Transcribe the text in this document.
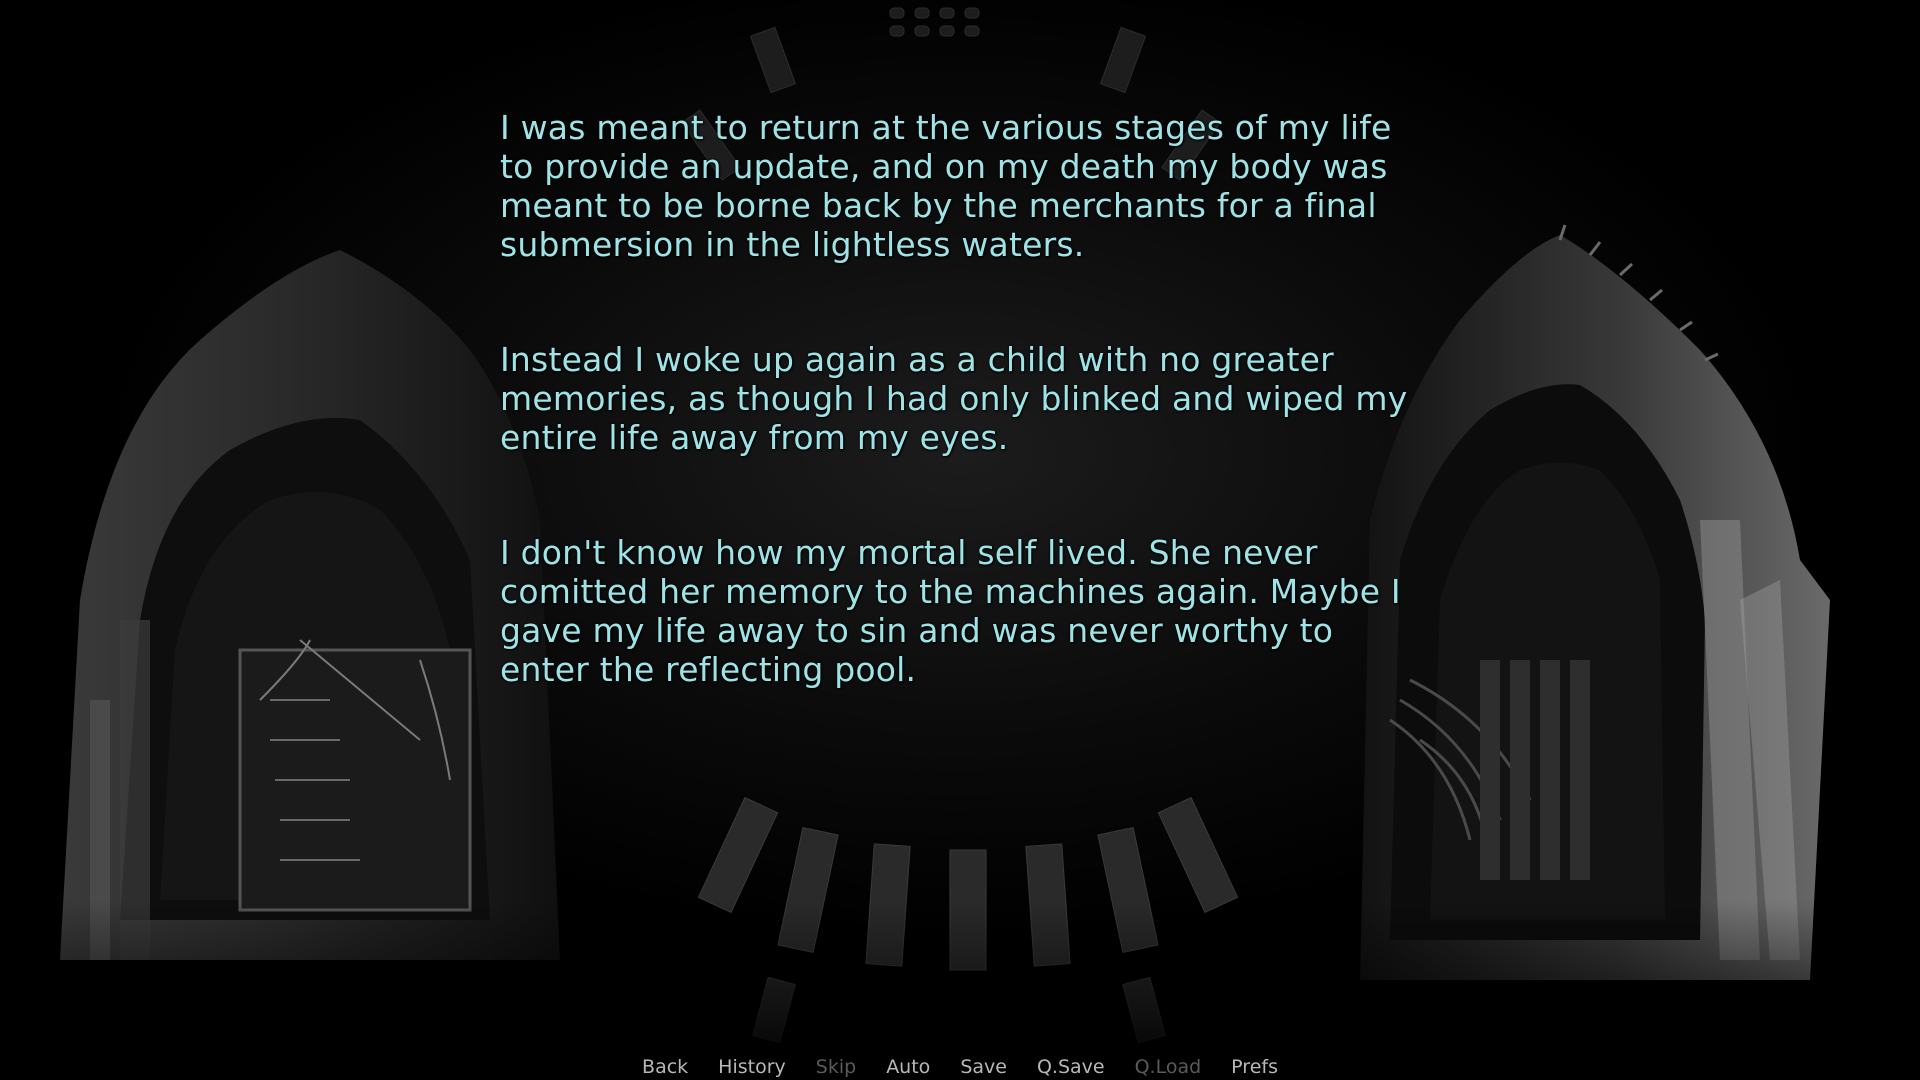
I was meant to return at the various stages of my life to provide an update, and on my death my body was meant to be borne back by the merchants for a final submersion in the lightless waters.

Instead I woke up again as a child with no greater memories, as though I had only blinked and wiped my entire life away from my eyes.

I don't know how my mortal self lived. She never comitted her memory to the machines again. Maybe I gave my life away to sin and was never worthy to enter the reflecting pool.

Back	History	Skip	Auto	Save	Q.Save	Q.Load	Prefs
